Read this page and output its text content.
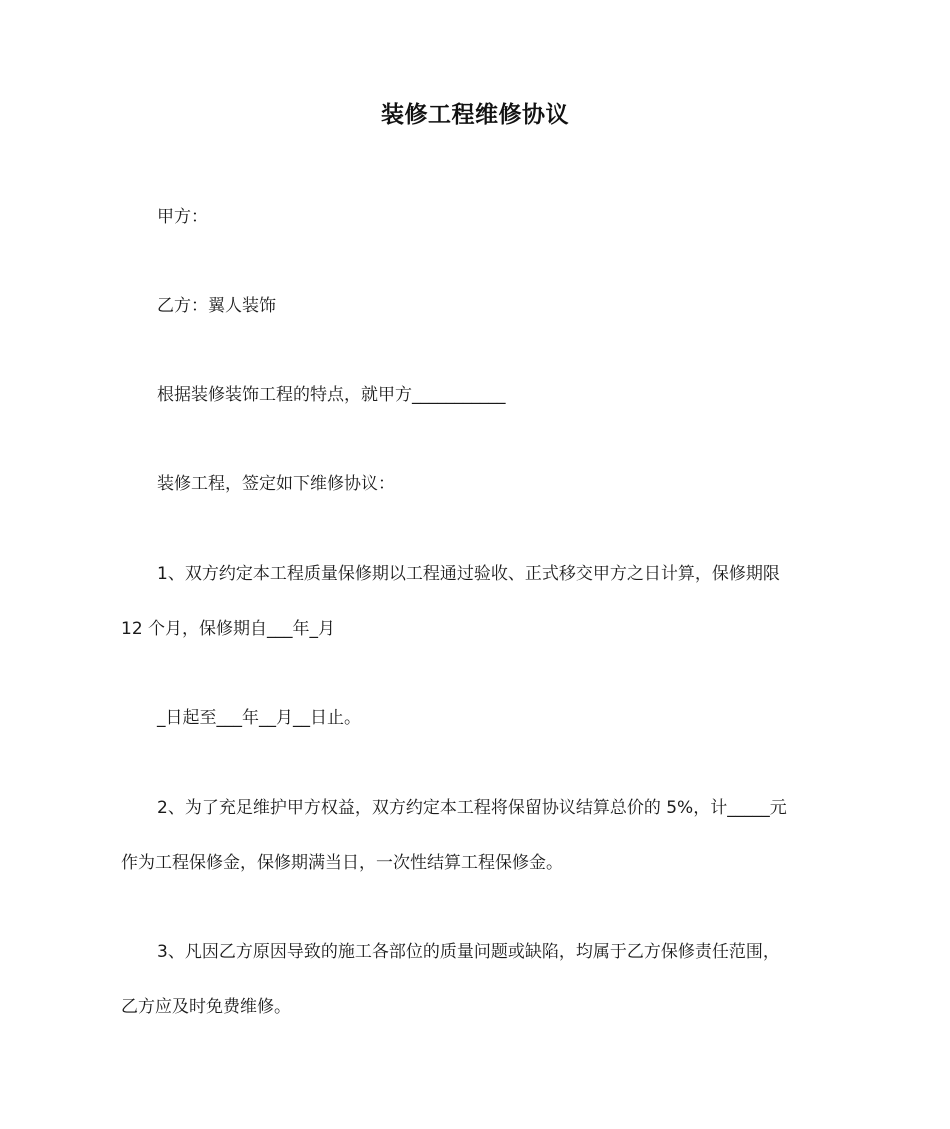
装修工程维修协议
甲方：
乙方：翼人装饰
根据装修装饰工程的特点，就甲方___________
装修工程，签定如下维修协议：
1、双方约定本工程质量保修期以工程通过验收、正式移交甲方之日计算，保修期限
12 个月，保修期自___年_月
_日起至___年__月__日止。
2、为了充足维护甲方权益，双方约定本工程将保留协议结算总价的 5%，计_____元
作为工程保修金，保修期满当日，一次性结算工程保修金。
3、凡因乙方原因导致的施工各部位的质量问题或缺陷，均属于乙方保修责任范围，
乙方应及时免费维修。
